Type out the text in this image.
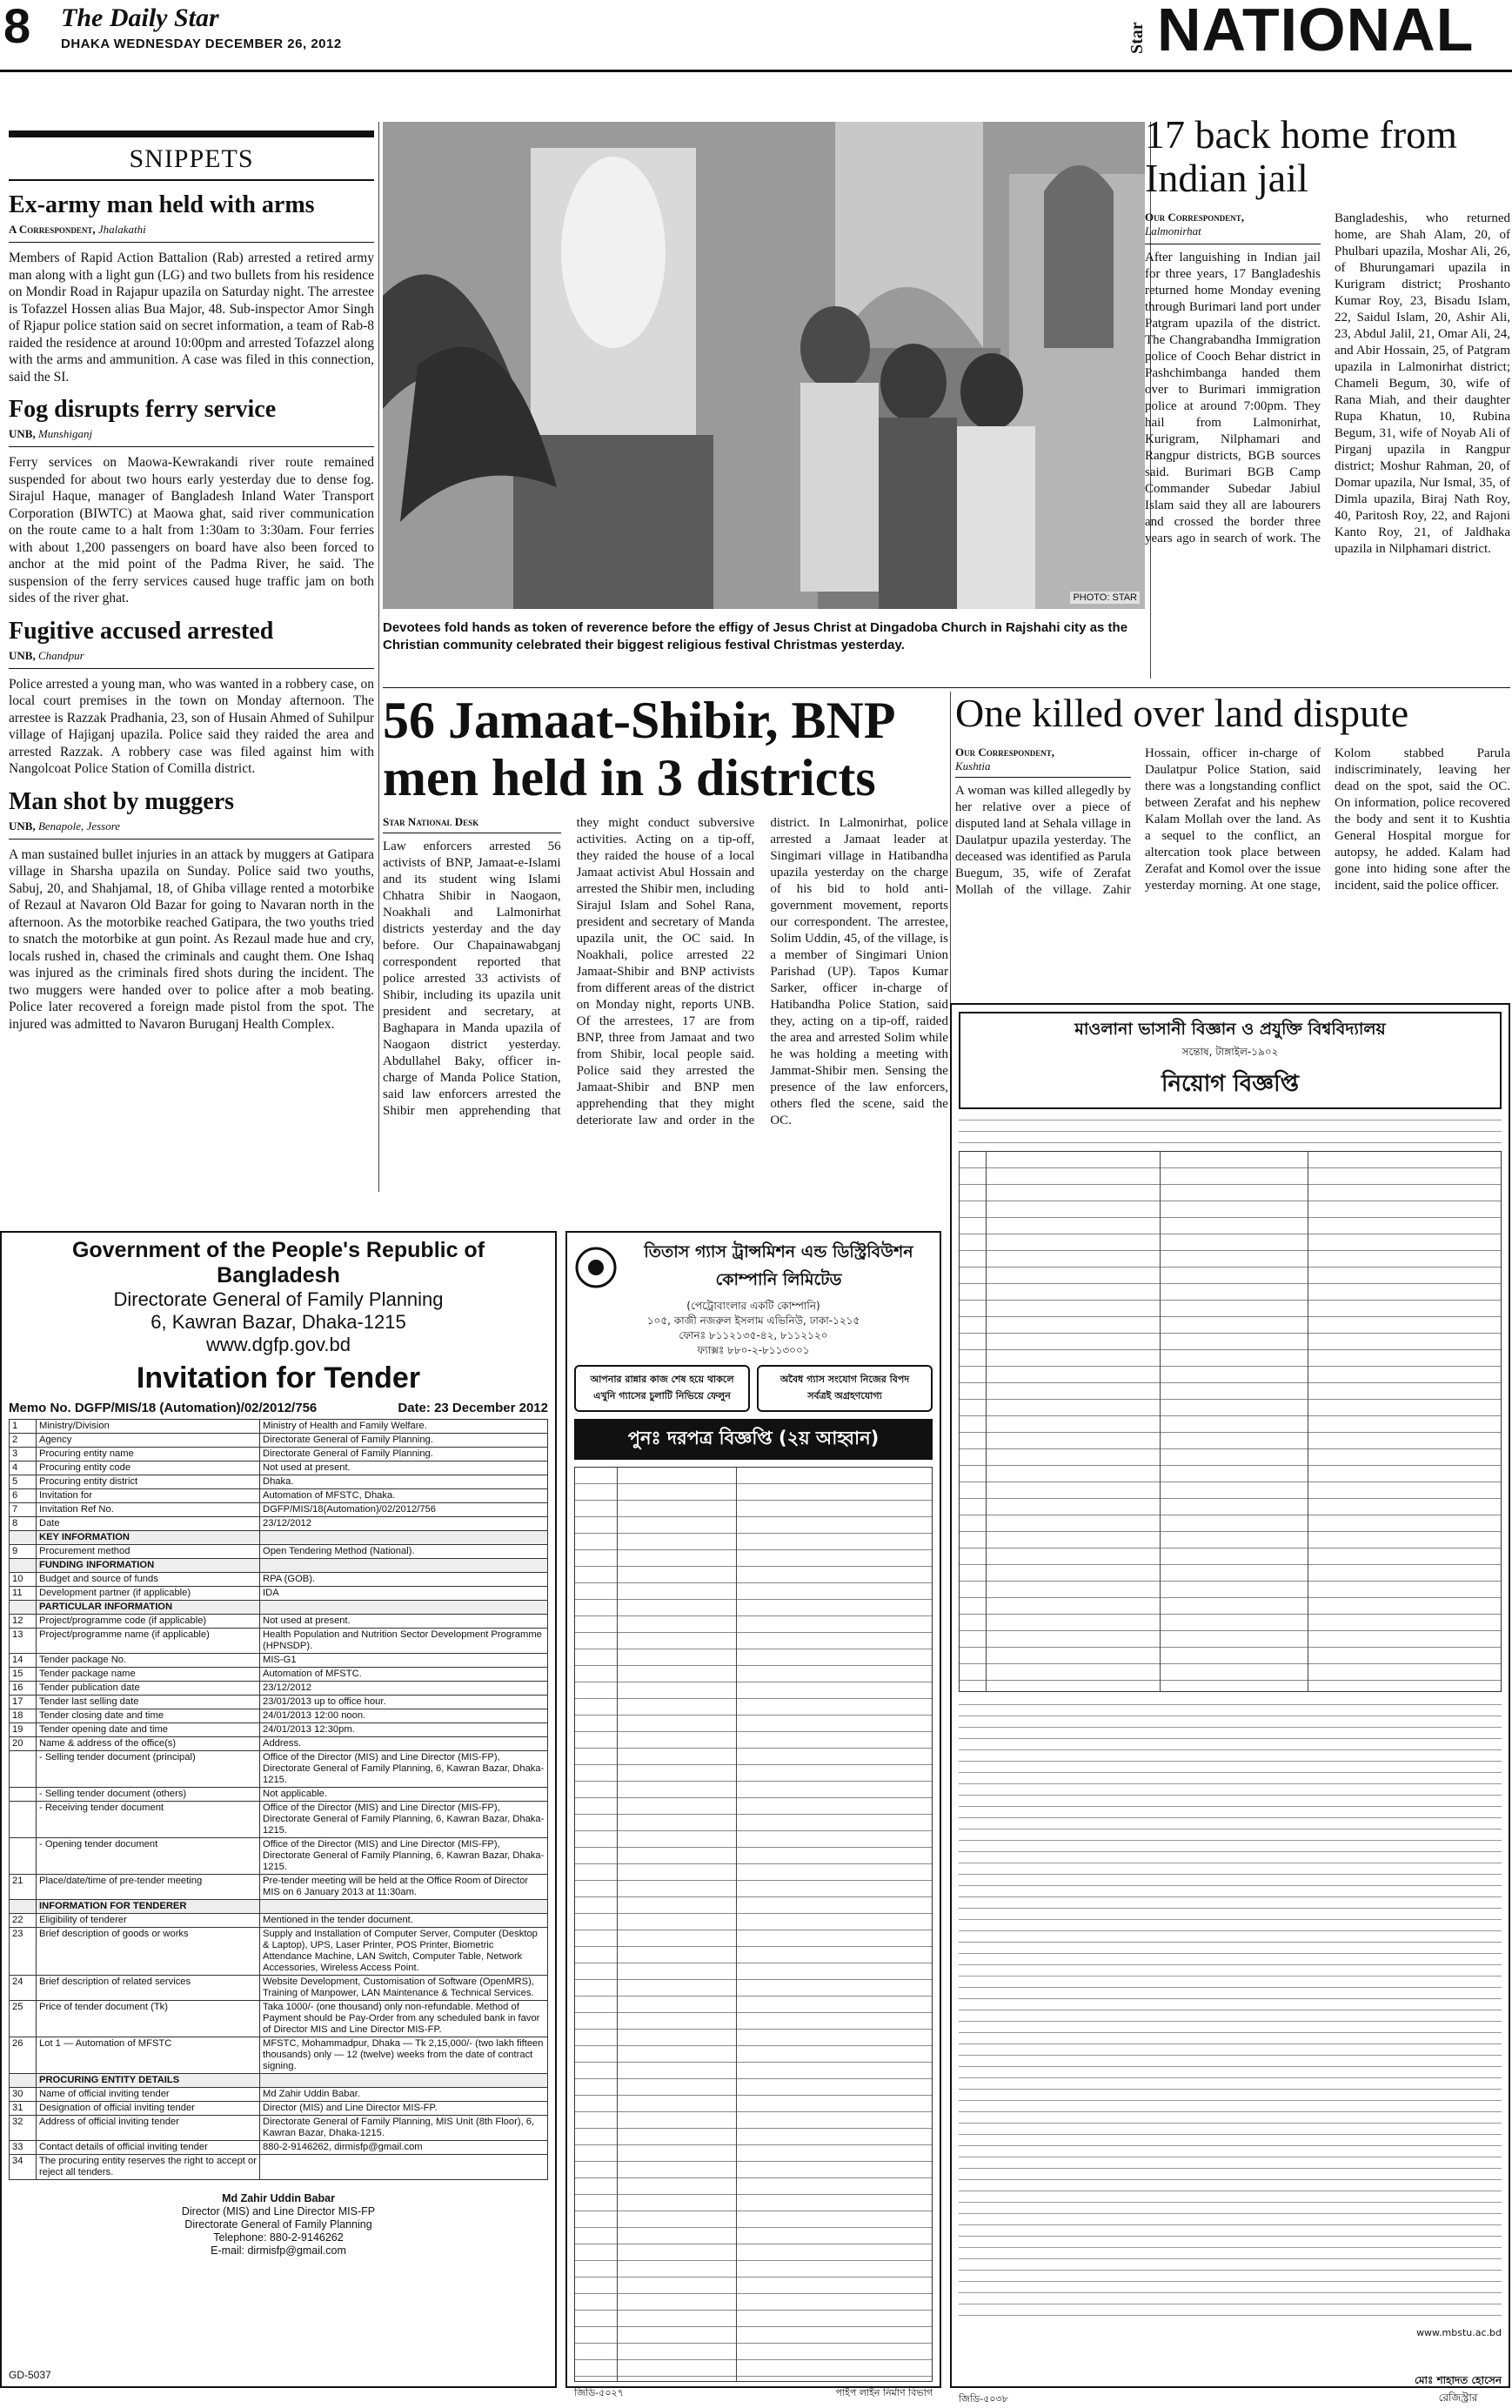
8 The Daily Star
DHAKA WEDNESDAY DECEMBER 26, 2012	Star NATIONAL
SNIPPETS
Ex-army man held with arms
A Correspondent, Jhalakathi
Members of Rapid Action Battalion (Rab) arrested a retired army man along with a light gun (LG) and two bullets from his residence on Mondir Road in Rajapur upazila on Saturday night. The arrestee is Tofazzel Hossen alias Bua Major, 48. Sub-inspector Amor Singh of Rjapur police station said on secret information, a team of Rab-8 raided the residence at around 10:00pm and arrested Tofazzel along with the arms and ammunition. A case was filed in this connection, said the SI.
Fog disrupts ferry service
UNB, Munshiganj
Ferry services on Maowa-Kewrakandi river route remained suspended for about two hours early yesterday due to dense fog. Sirajul Haque, manager of Bangladesh Inland Water Transport Corporation (BIWTC) at Maowa ghat, said river communication on the route came to a halt from 1:30am to 3:30am. Four ferries with about 1,200 passengers on board have also been forced to anchor at the mid point of the Padma River, he said. The suspension of the ferry services caused huge traffic jam on both sides of the river ghat.
Fugitive accused arrested
UNB, Chandpur
Police arrested a young man, who was wanted in a robbery case, on local court premises in the town on Monday afternoon. The arrestee is Razzak Pradhania, 23, son of Husain Ahmed of Suhilpur village of Hajiganj upazila. Police said they raided the area and arrested Razzak. A robbery case was filed against him with Nangolcoat Police Station of Comilla district.
Man shot by muggers
UNB, Benapole, Jessore
A man sustained bullet injuries in an attack by muggers at Gatipara village in Sharsha upazila on Sunday. Police said two youths, Sabuj, 20, and Shahjamal, 18, of Ghiba village rented a motorbike of Rezaul at Navaron Old Bazar for going to Navaran north in the afternoon. As the motorbike reached Gatipara, the two youths tried to snatch the motorbike at gun point. As Rezaul made hue and cry, locals rushed in, chased the criminals and caught them. One Ishaq was injured as the criminals fired shots during the incident. The two muggers were handed over to police after a mob beating. Police later recovered a foreign made pistol from the spot. The injured was admitted to Navaron Buruganj Health Complex.
PHOTO: STAR
Devotees fold hands as token of reverence before the effigy of Jesus Christ at Dingadoba Church in Rajshahi city as the Christian community celebrated their biggest religious festival Christmas yesterday.
17 back home from Indian jail
Our Correspondent,
Lalmonirhat
After languishing in Indian jail for three years, 17 Bangladeshis returned home Monday evening through Burimari land port under Patgram upazila of the district. The Changrabandha Immigration police of Cooch Behar district in Pashchimbanga handed them over to Burimari immigration police at around 7:00pm. They hail from Lalmonirhat, Kurigram, Nilphamari and Rangpur districts, BGB sources said. Burimari BGB Camp Commander Subedar Jabiul Islam said they all are labourers and crossed the border three years ago in search of work. The Bangladeshis, who returned home, are Shah Alam, 20, of Phulbari upazila, Moshar Ali, 26, of Bhurungamari upazila in Kurigram district; Proshanto Kumar Roy, 23, Bisadu Islam, 22, Saidul Islam, 20, Ashir Ali, 23, Abdul Jalil, 21, Omar Ali, 24, and Abir Hossain, 25, of Patgram upazila in Lalmonirhat district; Chameli Begum, 30, wife of Rana Miah, and their daughter Rupa Khatun, 10, Rubina Begum, 31, wife of Noyab Ali of Pirganj upazila in Rangpur district; Moshur Rahman, 20, of Domar upazila, Nur Ismal, 35, of Dimla upazila, Biraj Nath Roy, 40, Paritosh Roy, 22, and Rajoni Kanto Roy, 21, of Jaldhaka upazila in Nilphamari district.
56 Jamaat-Shibir, BNP men held in 3 districts
Star National Desk
Law enforcers arrested 56 activists of BNP, Jamaat-e-Islami and its student wing Islami Chhatra Shibir in Naogaon, Noakhali and Lalmonirhat districts yesterday and the day before. Our Chapainawabganj correspondent reported that police arrested 33 activists of Shibir, including its upazila unit president and secretary, at Baghapara in Manda upazila of Naogaon district yesterday. Abdullahel Baky, officer in-charge of Manda Police Station, said law enforcers arrested the Shibir men apprehending that they might conduct subversive activities. Acting on a tip-off, they raided the house of a local Jamaat activist Abul Hossain and arrested the Shibir men, including Sirajul Islam and Sohel Rana, president and secretary of Manda upazila unit, the OC said. In Noakhali, police arrested 22 Jamaat-Shibir and BNP activists from different areas of the district on Monday night, reports UNB. Of the arrestees, 17 are from BNP, three from Jamaat and two from Shibir, local people said. Police said they arrested the Jamaat-Shibir and BNP men apprehending that they might deteriorate law and order in the district. In Lalmonirhat, police arrested a Jamaat leader at Singimari village in Hatibandha upazila yesterday on the charge of his bid to hold anti-government movement, reports our correspondent. The arrestee, Solim Uddin, 45, of the village, is a member of Singimari Union Parishad (UP). Tapos Kumar Sarker, officer in-charge of Hatibandha Police Station, said they, acting on a tip-off, raided the area and arrested Solim while he was holding a meeting with Jammat-Shibir men. Sensing the presence of the law enforcers, others fled the scene, said the OC.
One killed over land dispute
Our Correspondent,
Kushtia
A woman was killed allegedly by her relative over a piece of disputed land at Sehala village in Daulatpur upazila yesterday. The deceased was identified as Parula Buegum, 35, wife of Zerafat Mollah of the village. Zahir Hossain, officer in-charge of Daulatpur Police Station, said there was a longstanding conflict between Zerafat and his nephew Kalam Mollah over the land. As a sequel to the conflict, an altercation took place between Zerafat and Komol over the issue yesterday morning. At one stage, Kolom stabbed Parula indiscriminately, leaving her dead on the spot, said the OC. On information, police recovered the body and sent it to Kushtia General Hospital morgue for autopsy, he added. Kalam had gone into hiding sone after the incident, said the police officer.
Government of the People's Republic of Bangladesh
Directorate General of Family Planning
6, Kawran Bazar, Dhaka-1215
www.dgfp.gov.bd
Invitation for Tender
Memo No. DGFP/MIS/18 (Automation)/02/2012/756	Date: 23 December 2012
1	Ministry/Division	Ministry of Health and Family Welfare.
2	Agency	Directorate General of Family Planning.
3	Procuring entity name	Directorate General of Family Planning.
4	Procuring entity code	Not used at present.
5	Procuring entity district	Dhaka.
6	Invitation for	Automation of MFSTC, Dhaka.
7	Invitation Ref No.	DGFP/MIS/18(Automation)/02/2012/756
8	Date	23/12/2012
	KEY INFORMATION	
9	Procurement method	Open Tendering Method (National).
	FUNDING INFORMATION	
10	Budget and source of funds	RPA (GOB).
11	Development partner (if applicable)	IDA
	PARTICULAR INFORMATION	
12	Project/programme code (if applicable)	Not used at present.
13	Project/programme name (if applicable)	Health Population and Nutrition Sector Development Programme (HPNSDP).
14	Tender package No.	MIS-G1
15	Tender package name	Automation of MFSTC.
16	Tender publication date	23/12/2012
17	Tender last selling date	23/01/2013 up to office hour.
18	Tender closing date and time	24/01/2013 12:00 noon.
19	Tender opening date and time	24/01/2013 12:30pm.
20	Name & address of the office(s)	Address.
	- Selling tender document (principal)	Office of the Director (MIS) and Line Director (MIS-FP), Directorate General of Family Planning, 6, Kawran Bazar, Dhaka-1215.
	- Selling tender document (others)	Not applicable.
	- Receiving tender document	Office of the Director (MIS) and Line Director (MIS-FP), Directorate General of Family Planning, 6, Kawran Bazar, Dhaka-1215.
	- Opening tender document	Office of the Director (MIS) and Line Director (MIS-FP), Directorate General of Family Planning, 6, Kawran Bazar, Dhaka-1215.
21	Place/date/time of pre-tender meeting	Pre-tender meeting will be held at the Office Room of Director MIS on 6 January 2013 at 11:30am.
	INFORMATION FOR TENDERER	
22	Eligibility of tenderer	Mentioned in the tender document.
23	Brief description of goods or works	Supply and Installation of Computer Server, Computer (Desktop & Laptop), UPS, Laser Printer, POS Printer, Biometric Attendance Machine, LAN Switch, Computer Table, Network Accessories, Wireless Access Point.
24	Brief description of related services	Website Development, Customisation of Software (OpenMRS), Training of Manpower, LAN Maintenance & Technical Services.
25	Price of tender document (Tk)	Taka 1000/- (one thousand) only non-refundable. Method of Payment should be Pay-Order from any scheduled bank in favor of Director MIS and Line Director MIS-FP.
26	Lot 1 — Automation of MFSTC	MFSTC, Mohammadpur, Dhaka — Tk 2,15,000/- (two lakh fifteen thousands) only — 12 (twelve) weeks from the date of contract signing.
	PROCURING ENTITY DETAILS	
30	Name of official inviting tender	Md Zahir Uddin Babar.
31	Designation of official inviting tender	Director (MIS) and Line Director MIS-FP.
32	Address of official inviting tender	Directorate General of Family Planning, MIS Unit (8th Floor), 6, Kawran Bazar, Dhaka-1215.
33	Contact details of official inviting tender	880-2-9146262, dirmisfp@gmail.com
34	The procuring entity reserves the right to accept or reject all tenders.	
Md Zahir Uddin Babar
Director (MIS) and Line Director MIS-FP
Directorate General of Family Planning
Telephone: 880-2-9146262
E-mail: dirmisfp@gmail.com
GD-5037
তিতাস গ্যাস ট্রান্সমিশন এন্ড ডিস্ট্রিবিউশন
কোম্পানি লিমিটেড
(পেট্রোবাংলার একটি কোম্পানি)
১০৫, কাজী নজরুল ইসলাম এভিনিউ, ঢাকা-১২১৫
ফোনঃ ৮১১২১৩৫-৪২, ৮১১২১২০
ফ্যাক্সঃ ৮৮০-২-৮১১৩০০১
আপনার রান্নার কাজ শেষ হয়ে থাকলে এখুনি গ্যাসের চুলাটি নিভিয়ে ফেলুন
অবৈধ গ্যাস সংযোগ নিজের বিপদ সর্বত্রই অগ্রহণযোগ্য
পুনঃ দরপত্র বিজ্ঞপ্তি (২য় আহ্বান)
জিডি-৫০২৭	পাইপ লাইন নির্মাণ বিভাগ
মাওলানা ভাসানী বিজ্ঞান ও প্রযুক্তি বিশ্ববিদ্যালয়
সন্তোষ, টাঙ্গাইল-১৯০২
নিয়োগ বিজ্ঞপ্তি
www.mbstu.ac.bd
জিডি-৫০৩৮
মোঃ শাহাদত হোসেন
রেজিস্ট্রার
